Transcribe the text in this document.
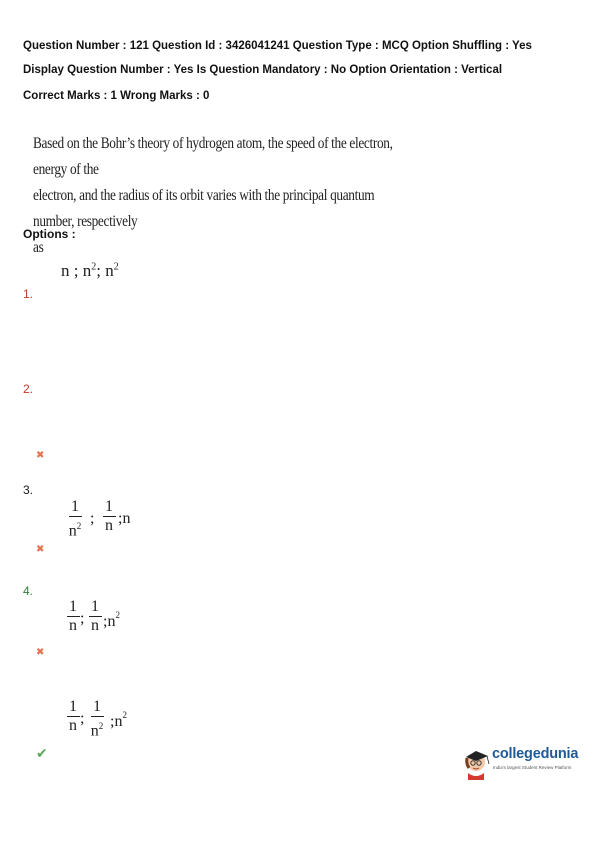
Question Number : 121 Question Id : 3426041241 Question Type : MCQ Option Shuffling : Yes
Display Question Number : Yes Is Question Mandatory : No Option Orientation : Vertical
Correct Marks : 1 Wrong Marks : 0
Based on the Bohr’s theory of hydrogen atom, the speed of the electron, energy of the
electron, and the radius of its orbit varies with the principal quantum number, respectively
as
Options :
n ; $n^2$; $n^2$
1.
2.
3.
4.
✖
✖
✖
✔
1
$n^2$ ;
1
n ;n
1
n ;
1
n $;n^2$
1
n ;
1
$n^2$ $;n^2$
collegedunia
India's largest Student Review Platform
